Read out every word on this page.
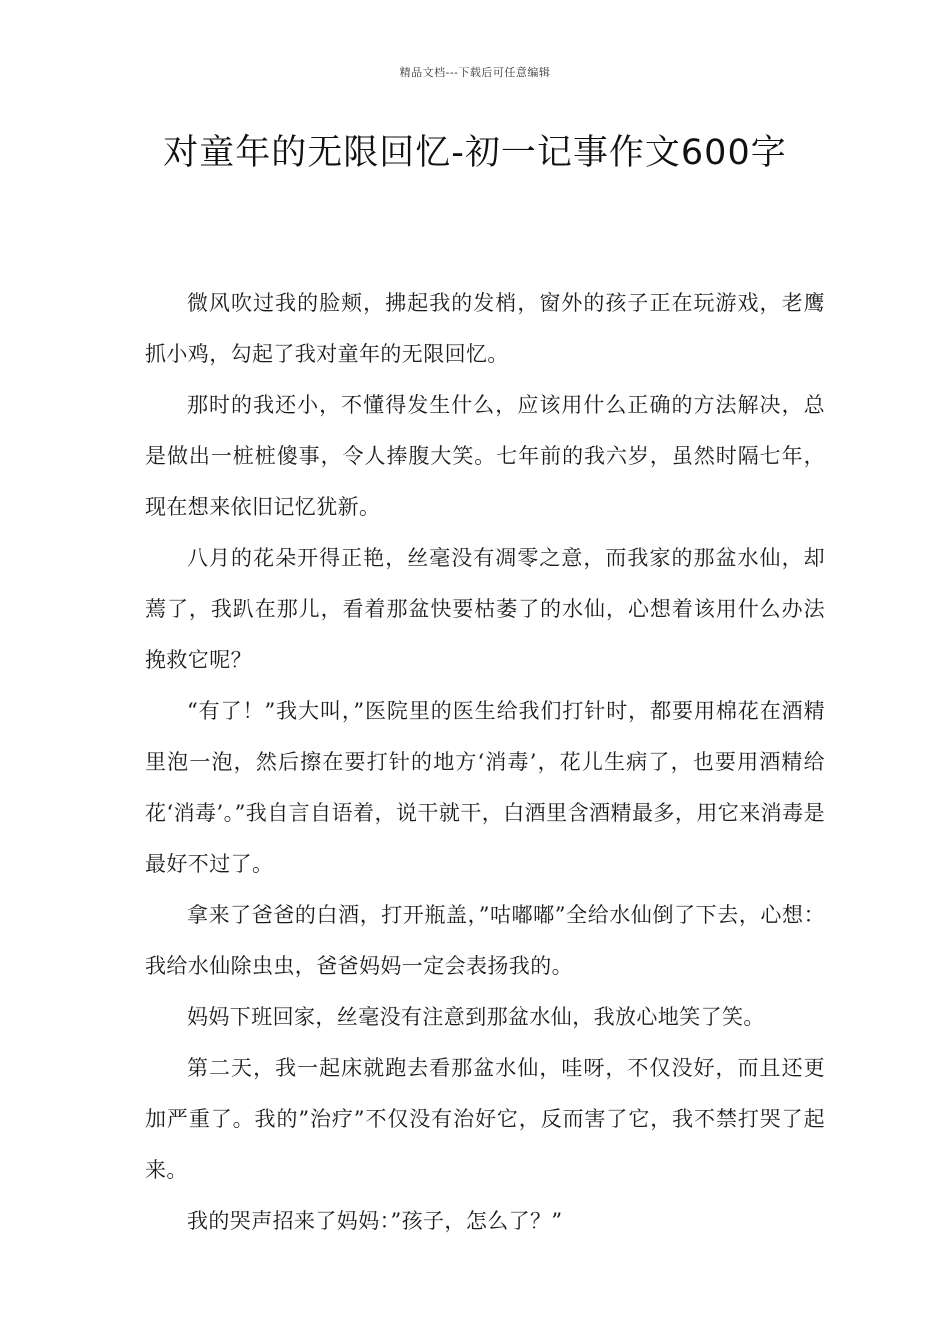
精品文档---下载后可任意编辑
对童年的无限回忆-初一记事作文600字

微风吹过我的脸颊，拂起我的发梢，窗外的孩子正在玩游戏，老鹰抓小鸡，勾起了我对童年的无限回忆。

那时的我还小，不懂得发生什么，应该用什么正确的方法解决，总是做出一桩桩傻事，令人捧腹大笑。七年前的我六岁，虽然时隔七年，现在想来依旧记忆犹新。

八月的花朵开得正艳，丝毫没有凋零之意，而我家的那盆水仙，却蔫了，我趴在那儿，看着那盆快要枯萎了的水仙，心想着该用什么办法挽救它呢？

“有了！”我大叫，”医院里的医生给我们打针时，都要用棉花在酒精里泡一泡，然后擦在要打针的地方‘消毒’，花儿生病了，也要用酒精给花‘消毒’。”我自言自语着，说干就干，白酒里含酒精最多，用它来消毒是最好不过了。

拿来了爸爸的白酒，打开瓶盖，”咕嘟嘟”全给水仙倒了下去，心想：我给水仙除虫虫，爸爸妈妈一定会表扬我的。

妈妈下班回家，丝毫没有注意到那盆水仙，我放心地笑了笑。

第二天，我一起床就跑去看那盆水仙，哇呀，不仅没好，而且还更加严重了。我的”治疗”不仅没有治好它，反而害了它，我不禁打哭了起来。

我的哭声招来了妈妈：”孩子，怎么了？”
